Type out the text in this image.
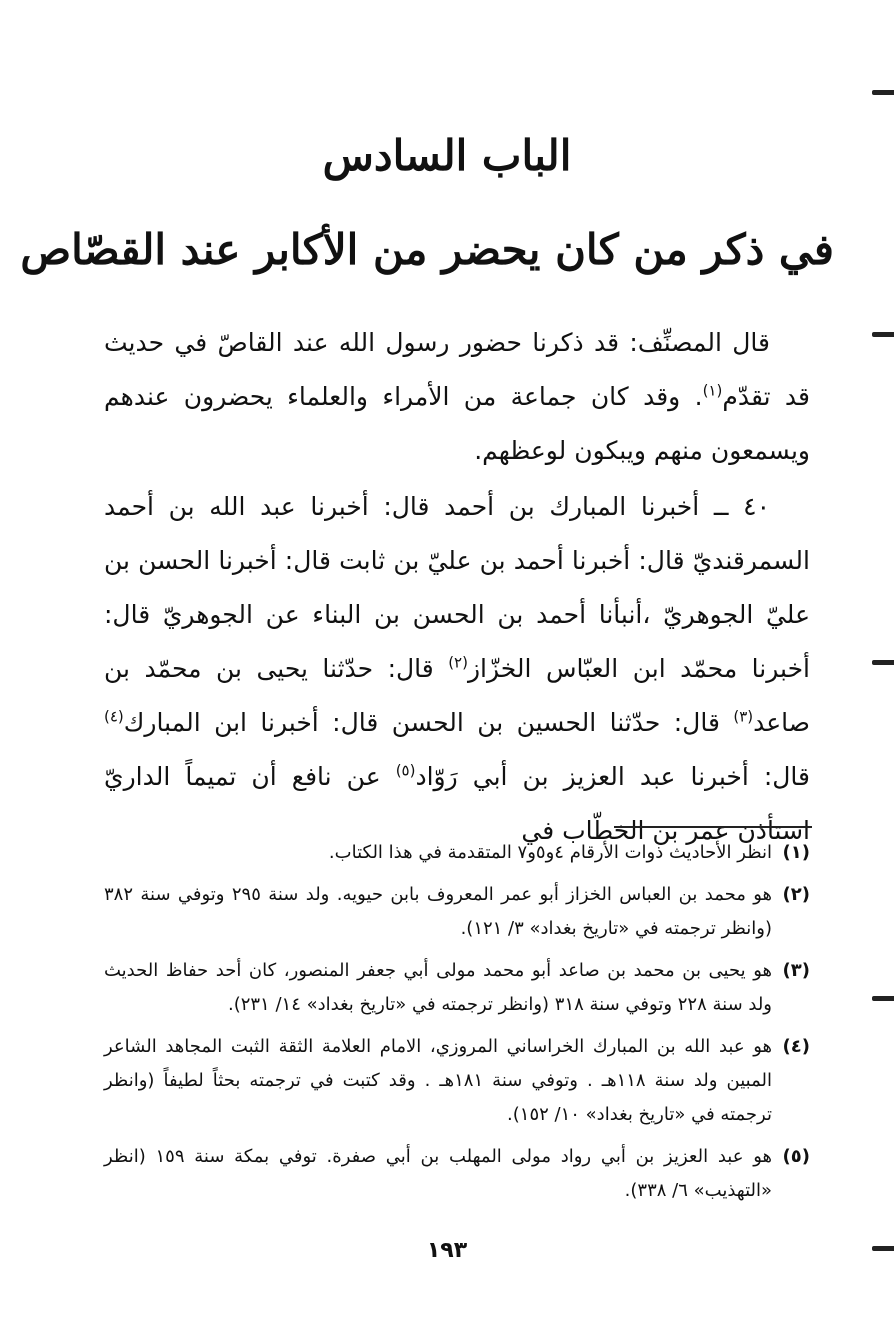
الباب السادس
في ذكر من كان يحضر من الأكابر عند القصّاص

قال المصنِّف: قد ذكرنا حضور رسول الله عند القاصّ في حديث قد تقدّم$^{(١)}$. وقد كان جماعة من الأمراء والعلماء يحضرون عندهم ويسمعون منهم ويبكون لوعظهم.

٤٠ ــ أخبرنا المبارك بن أحمد قال: أخبرنا عبد الله بن أحمد السمرقنديّ قال: أخبرنا أحمد بن عليّ بن ثابت قال: أخبرنا الحسن بن عليّ الجوهريّ ،أنبأنا أحمد بن الحسن بن البناء عن الجوهريّ قال: أخبرنا محمّد ابن العبّاس الخزّاز$^{(٢)}$ قال: حدّثنا يحيى بن محمّد بن صاعد$^{(٣)}$ قال: حدّثنا الحسين بن الحسن قال: أخبرنا ابن المبارك$^{(٤)}$ قال: أخبرنا عبد العزيز بن أبي رَوّاد$^{(٥)}$ عن نافع أن تميماً الداريّ استأذن عمر بن الخطّاب في

(١)
انظر الأحاديث ذوات الأرقام ٤و٥و٧ المتقدمة في هذا الكتاب.
(٢)
هو محمد بن العباس الخزاز أبو عمر المعروف بابن حيويه. ولد سنة ٢٩٥ وتوفي سنة ٣٨٢ (وانظر ترجمته في «تاريخ بغداد» ٣/ ١٢١).
(٣)
هو يحيى بن محمد بن صاعد أبو محمد مولى أبي جعفر المنصور، كان أحد حفاظ الحديث ولد سنة ٢٢٨ وتوفي سنة ٣١٨ (وانظر ترجمته في «تاريخ بغداد» ١٤/ ٢٣١).
(٤)
هو عبد الله بن المبارك الخراساني المروزي، الامام العلامة الثقة الثبت المجاهد الشاعر المبين ولد سنة ١١٨هـ . وتوفي سنة ١٨١هـ . وقد كتبت في ترجمته بحثاً لطيفاً (وانظر ترجمته في «تاريخ بغداد» ١٠/ ١٥٢).
(٥)
هو عبد العزيز بن أبي رواد مولى المهلب بن أبي صفرة. توفي بمكة سنة ١٥٩ (انظر «التهذيب» ٦/ ٣٣٨).
١٩٣
